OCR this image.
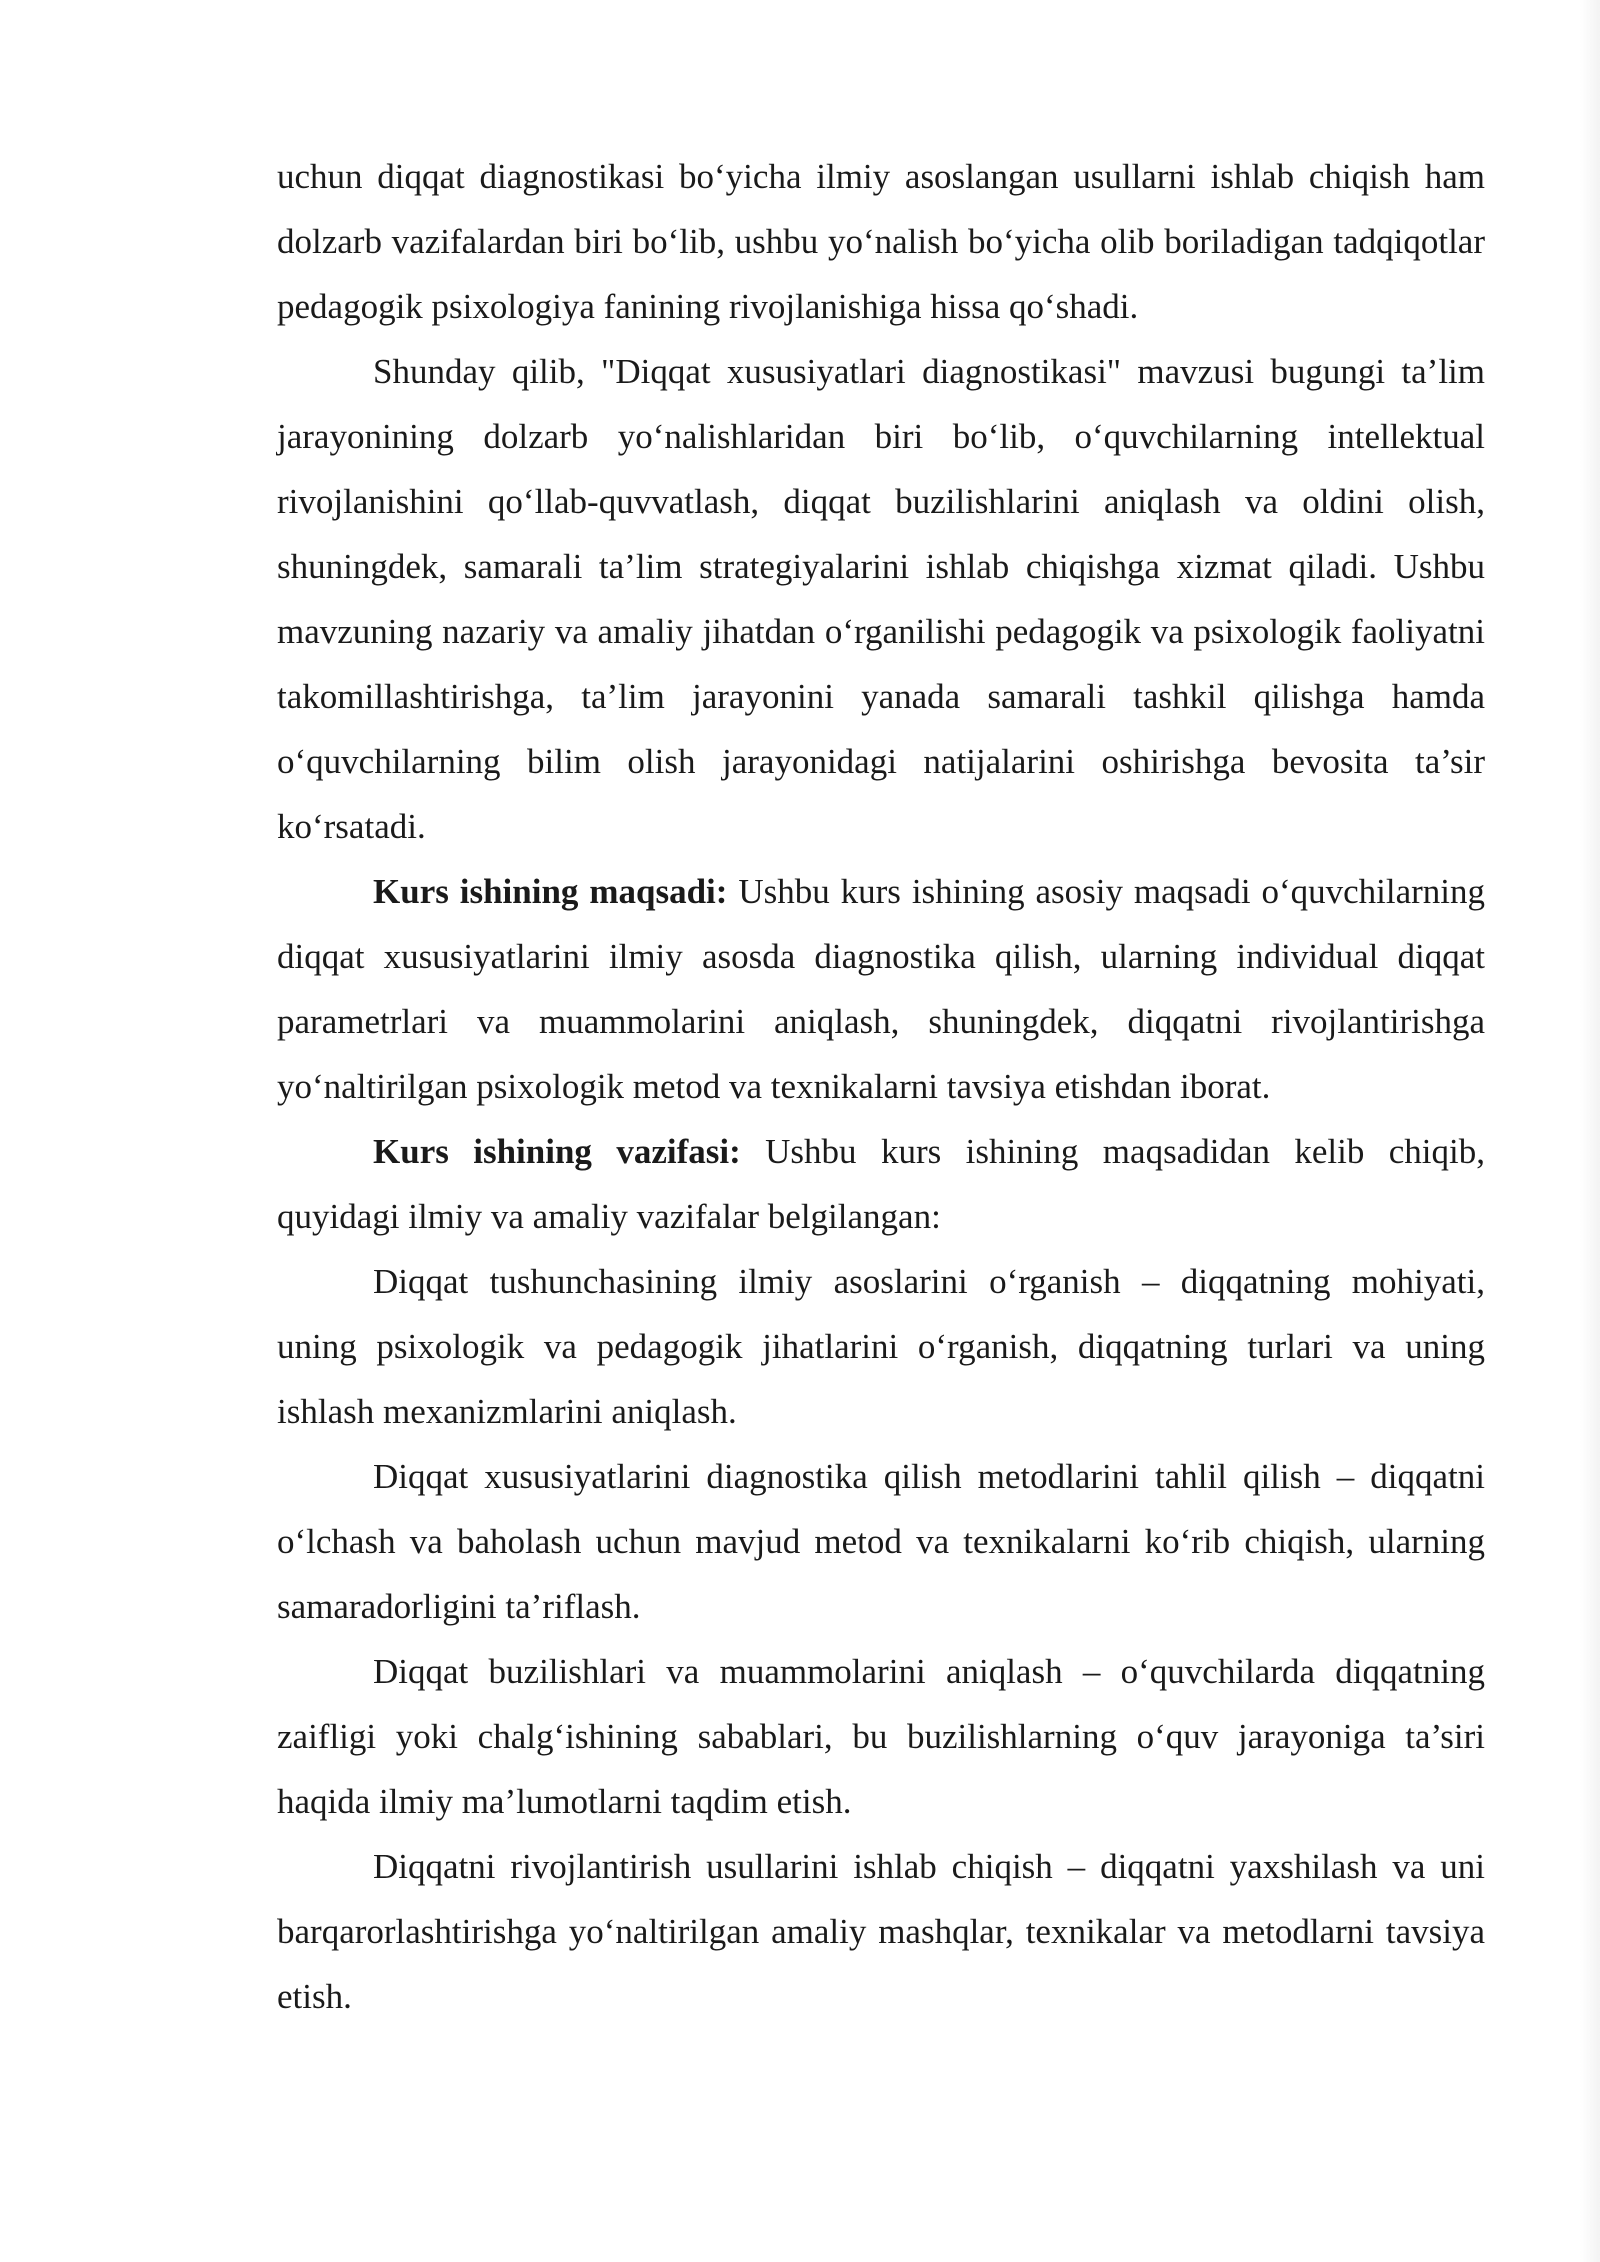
uchun diqqat diagnostikasi bo‘yicha ilmiy asoslangan usullarni ishlab chiqish ham dolzarb vazifalardan biri bo‘lib, ushbu yo‘nalish bo‘yicha olib boriladigan tadqiqotlar pedagogik psixologiya fanining rivojlanishiga hissa qo‘shadi.

Shunday qilib, "Diqqat xususiyatlari diagnostikasi" mavzusi bugungi ta’lim jarayonining dolzarb yo‘nalishlaridan biri bo‘lib, o‘quvchilarning intellektual rivojlanishini qo‘llab-quvvatlash, diqqat buzilishlarini aniqlash va oldini olish, shuningdek, samarali ta’lim strategiyalarini ishlab chiqishga xizmat qiladi. Ushbu mavzuning nazariy va amaliy jihatdan o‘rganilishi pedagogik va psixologik faoliyatni takomillashtirishga, ta’lim jarayonini yanada samarali tashkil qilishga hamda o‘quvchilarning bilim olish jarayonidagi natijalarini oshirishga bevosita ta’sir ko‘rsatadi.

Kurs ishining maqsadi: Ushbu kurs ishining asosiy maqsadi o‘quvchilarning diqqat xususiyatlarini ilmiy asosda diagnostika qilish, ularning individual diqqat parametrlari va muammolarini aniqlash, shuningdek, diqqatni rivojlantirishga yo‘naltirilgan psixologik metod va texnikalarni tavsiya etishdan iborat.

Kurs ishining vazifasi: Ushbu kurs ishining maqsadidan kelib chiqib, quyidagi ilmiy va amaliy vazifalar belgilangan:

Diqqat tushunchasining ilmiy asoslarini o‘rganish – diqqatning mohiyati, uning psixologik va pedagogik jihatlarini o‘rganish, diqqatning turlari va uning ishlash mexanizmlarini aniqlash.

Diqqat xususiyatlarini diagnostika qilish metodlarini tahlil qilish – diqqatni o‘lchash va baholash uchun mavjud metod va texnikalarni ko‘rib chiqish, ularning samaradorligini ta’riflash.

Diqqat buzilishlari va muammolarini aniqlash – o‘quvchilarda diqqatning zaifligi yoki chalg‘ishining sabablari, bu buzilishlarning o‘quv jarayoniga ta’siri haqida ilmiy ma’lumotlarni taqdim etish.

Diqqatni rivojlantirish usullarini ishlab chiqish – diqqatni yaxshilash va uni barqarorlashtirishga yo‘naltirilgan amaliy mashqlar, texnikalar va metodlarni tavsiya etish.
